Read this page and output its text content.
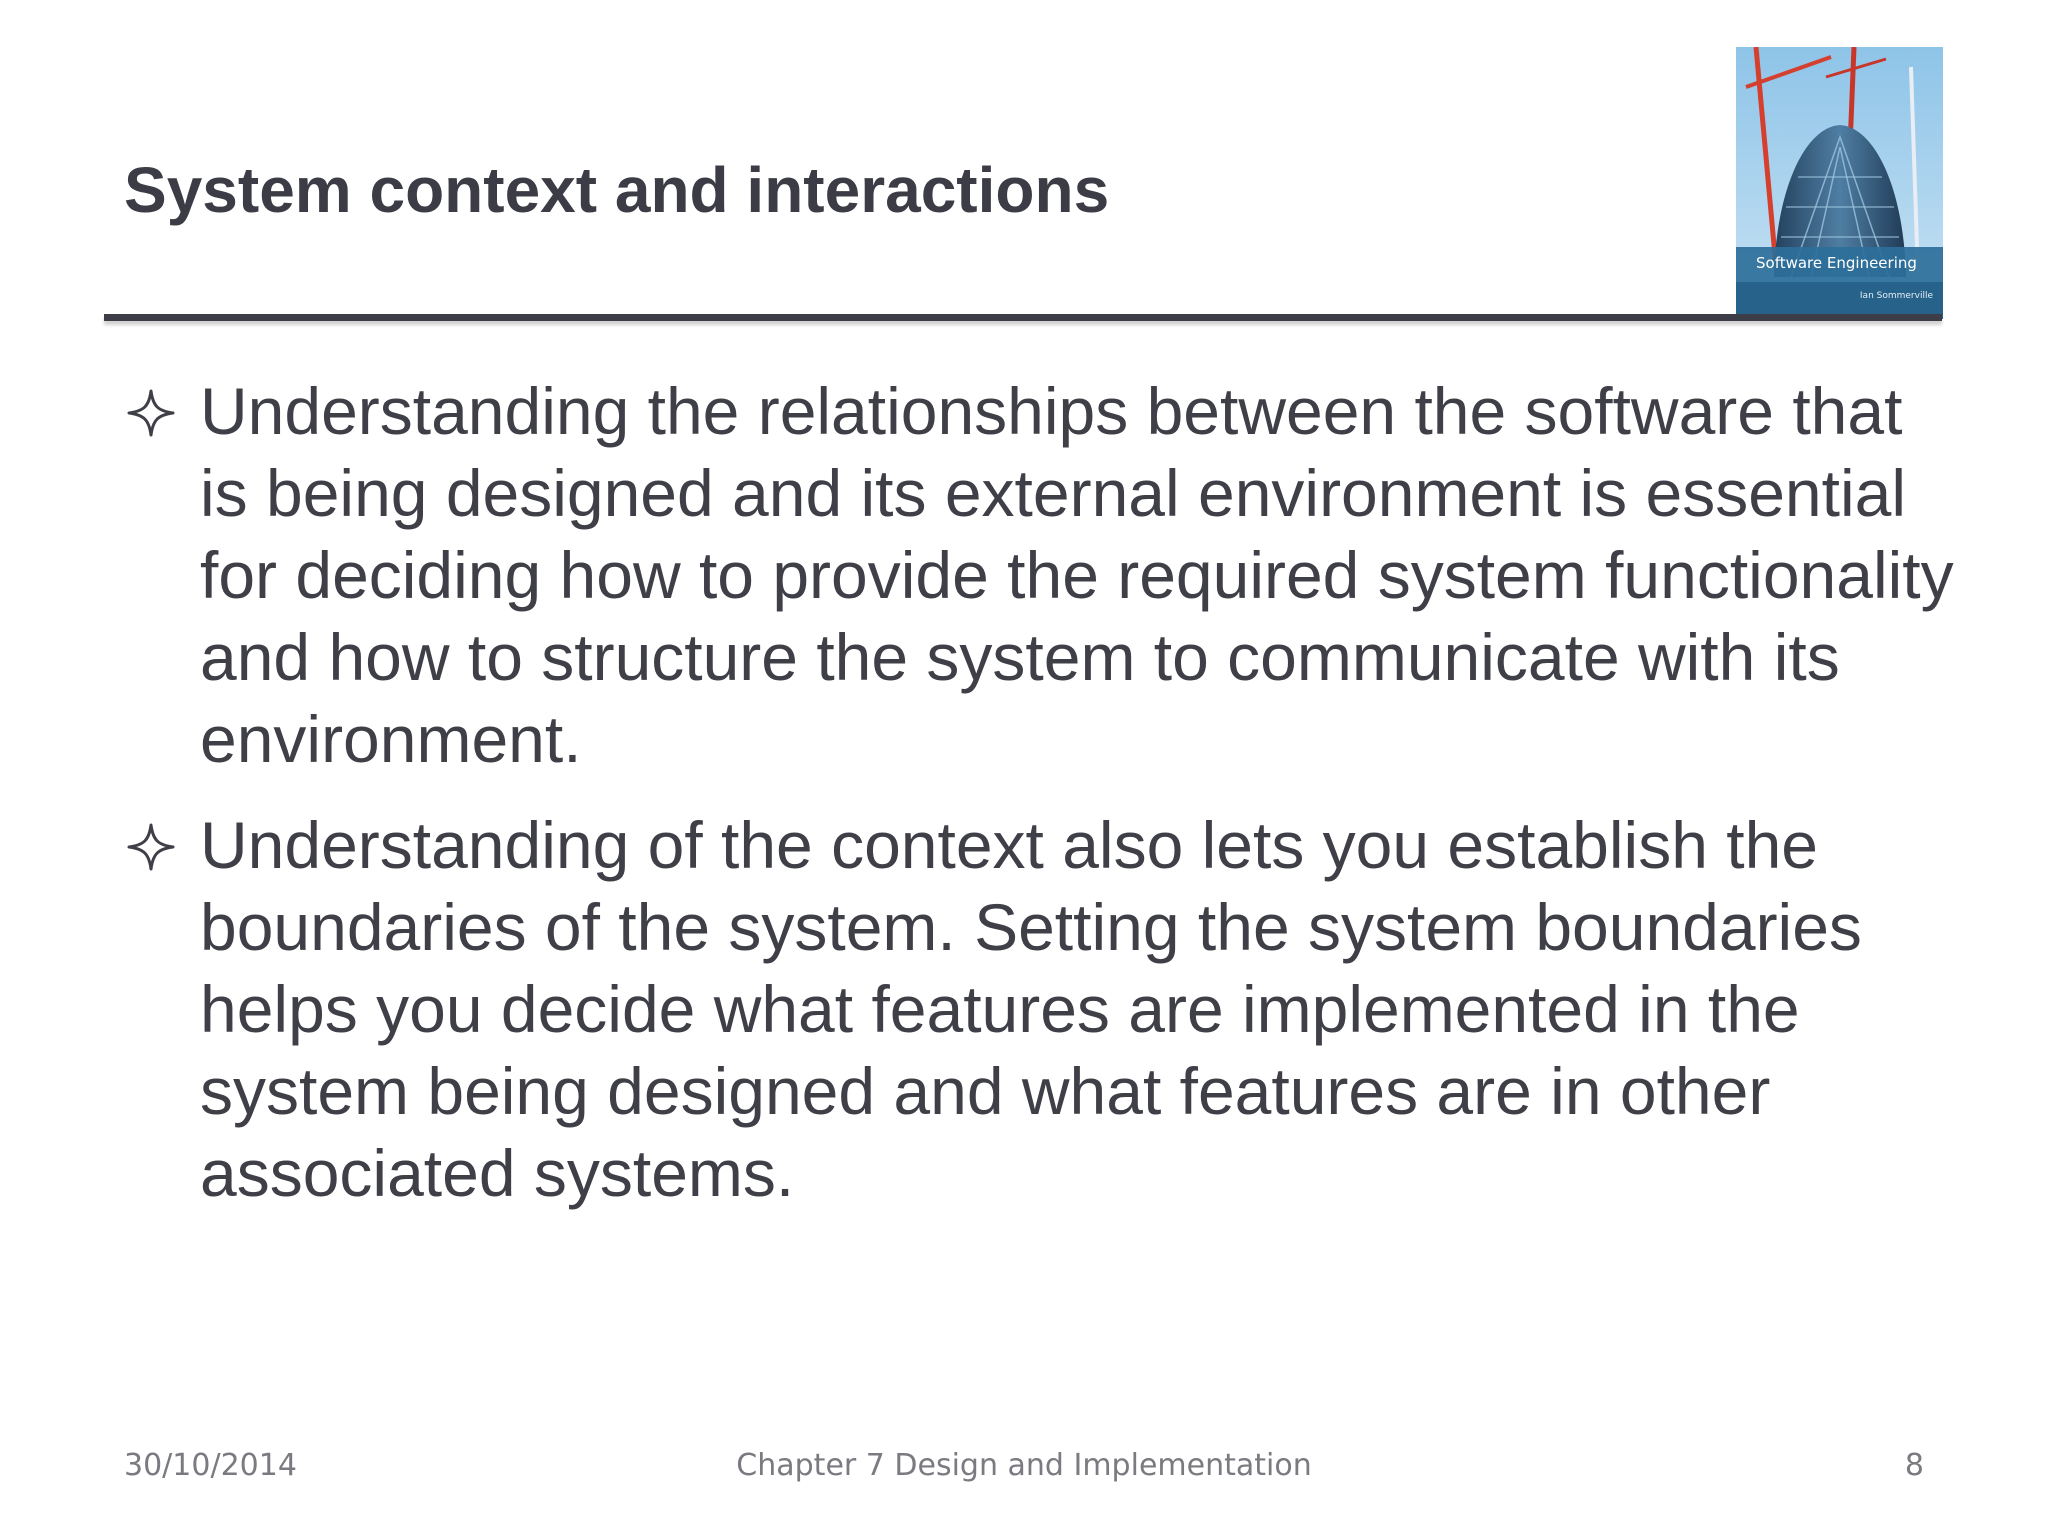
System context and interactions
Software Engineering
Ian Sommerville
Understanding the relationships between the software that is being designed and its external environment is essential for deciding how to provide the required system functionality and how to structure the system to communicate with its environment.
Understanding of the context also lets you establish the boundaries of the system. Setting the system boundaries helps you decide what features are implemented in the system being designed and what features are in other associated systems.
30/10/2014	Chapter 7 Design and Implementation	8
